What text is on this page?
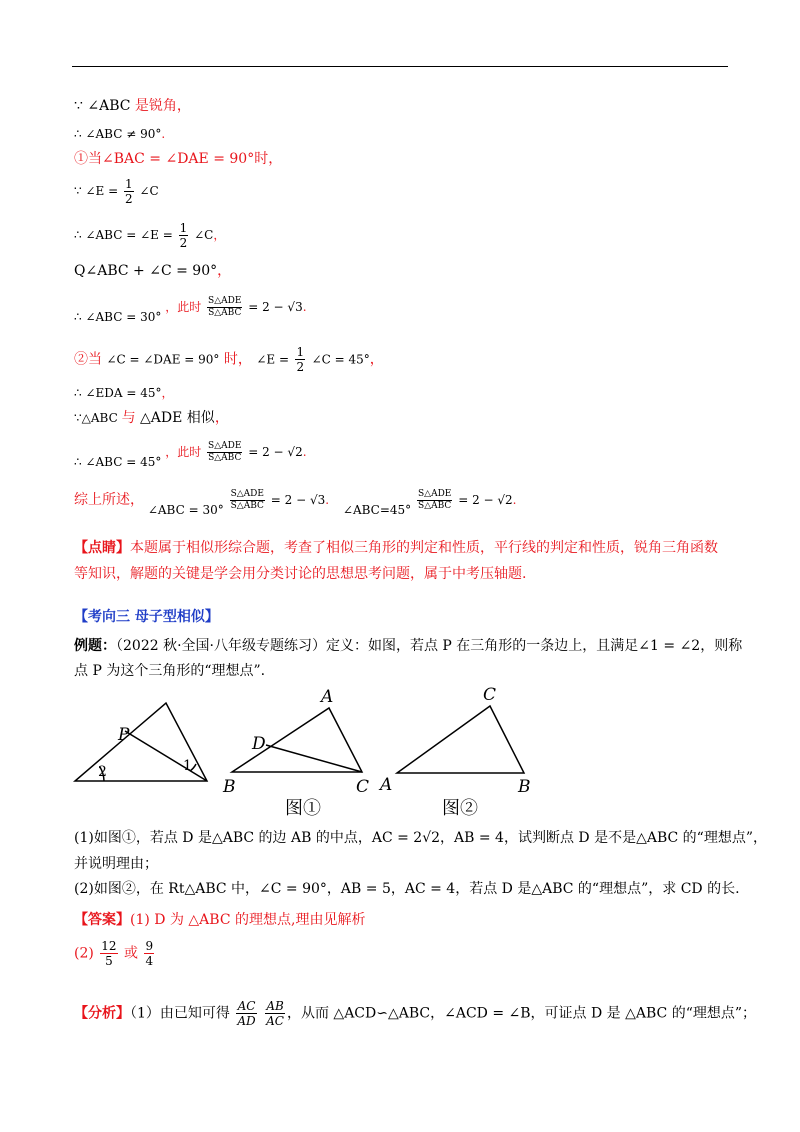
∵ ∠ABC 是锐角，
∴ ∠ABC ≠ 90°.
①当∠BAC = ∠DAE = 90°时，
∵ ∠E = $\frac{1}{2}$ ∠C
∴ ∠ABC = ∠E = $\frac{1}{2}$ ∠C，
Q∠ABC + ∠C = 90°，
∴ ∠ABC = 30° ，此时 $\frac{\text{S△ADE}}{\text{S△ABC}} = 2 - √3$.
②当 ∠C = ∠DAE = 90° 时， ∠E = $\frac{1}{2}$ ∠C = 45°，
∴ ∠EDA = 45°，
∵△ABC 与 △ADE 相似，
∴ ∠ABC = 45° ，此时 $\frac{\text{S△ADE}}{\text{S△ABC}} = 2 - √2$.
综上所述， ∠ABC = $30^\circ \frac{\text{S△ADE}}{\text{S△ABC}} = 2 - √3$. ∠ABC=45° $\frac{\text{S△ADE}}{\text{S△ABC}} = 2 - √2$.
【点睛】本题属于相似形综合题，考查了相似三角形的判定和性质，平行线的判定和性质，锐角三角函数等知识，解题的关键是学会用分类讨论的思想思考问题，属于中考压轴题.
【考向三 母子型相似】
例题：（2022 秋·全国·八年级专题练习）定义：如图，若点 P 在三角形的一条边上，且满足∠1 = ∠2，则称
点 P 为这个三角形的“理想点”.
P
2	1
A
D
B	C
图①
C
A	B
图②
(1)如图①，若点 D 是△ABC 的边 AB 的中点，AC = 2√2，AB = 4，试判断点 D 是不是△ABC 的“理想点”，
并说明理由；
(2)如图②，在 Rt△ABC 中，∠C = 90°，AB = 5，AC = 4，若点 D 是△ABC 的“理想点”，求 CD 的长.
【答案】(1) D 为 △ABC 的理想点,理由见解析
$(2) \frac{12}{5}$ 或 $\frac{9}{4}$
【分析】（1）由已知可得 $\frac{AC}{AD}$
$\frac{AB}{AC}$ ，从而 △ACD∽△ABC，∠ACD = ∠B，可证点 D 是 △ABC 的“理想点”；
